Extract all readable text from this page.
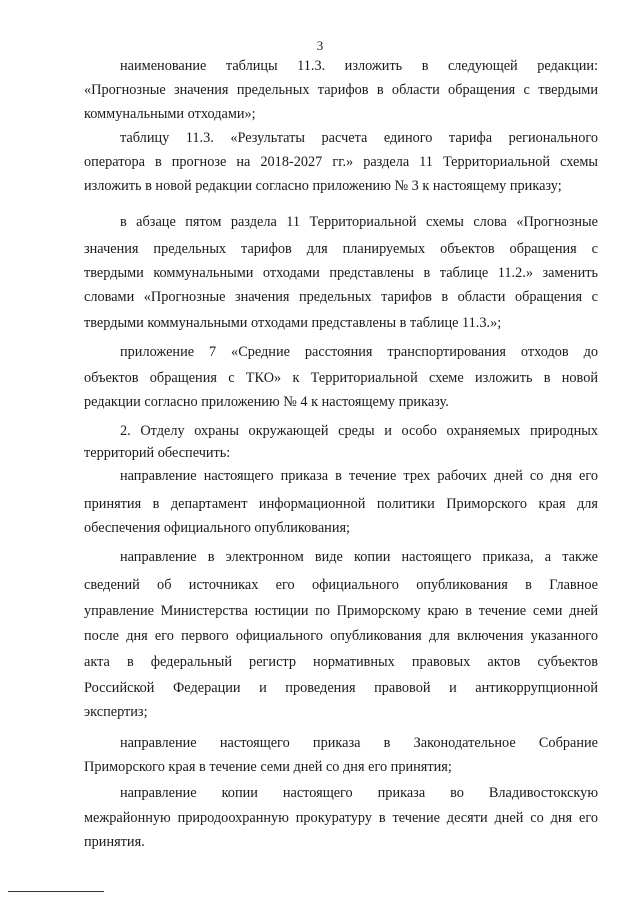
3
наименование таблицы 11.3. изложить в следующей редакции:
«Прогнозные значения предельных тарифов в области обращения с твердыми
коммунальными отходами»;
таблицу 11.3. «Результаты расчета единого тарифа регионального
оператора в прогнозе на 2018-2027 гг.» раздела 11 Территориальной схемы
изложить в новой редакции согласно приложению № 3 к настоящему приказу;
в абзаце пятом раздела 11 Территориальной схемы слова «Прогнозные
значения предельных тарифов для планируемых объектов обращения с
твердыми коммунальными отходами представлены в таблице 11.2.» заменить
словами «Прогнозные значения предельных тарифов в области обращения с
твердыми коммунальными отходами представлены в таблице 11.3.»;
приложение 7 «Средние расстояния транспортирования отходов до
объектов обращения с ТКО» к Территориальной схеме изложить в новой
редакции согласно приложению № 4 к настоящему приказу.
2. Отделу охраны окружающей среды и особо охраняемых природных
территорий обеспечить:
направление настоящего приказа в течение трех рабочих дней со дня его
принятия в департамент информационной политики Приморского края для
обеспечения официального опубликования;
направление в электронном виде копии настоящего приказа, а также
сведений об источниках его официального опубликования в Главное
управление Министерства юстиции по Приморскому краю в течение семи дней
после дня его первого официального опубликования для включения указанного
акта в федеральный регистр нормативных правовых актов субъектов
Российской Федерации и проведения правовой и антикоррупционной
экспертиз;
направление настоящего приказа в Законодательное Собрание
Приморского края в течение семи дней со дня его принятия;
направление копии настоящего приказа во Владивостокскую
межрайонную природоохранную прокуратуру в течение десяти дней со дня его
принятия.
